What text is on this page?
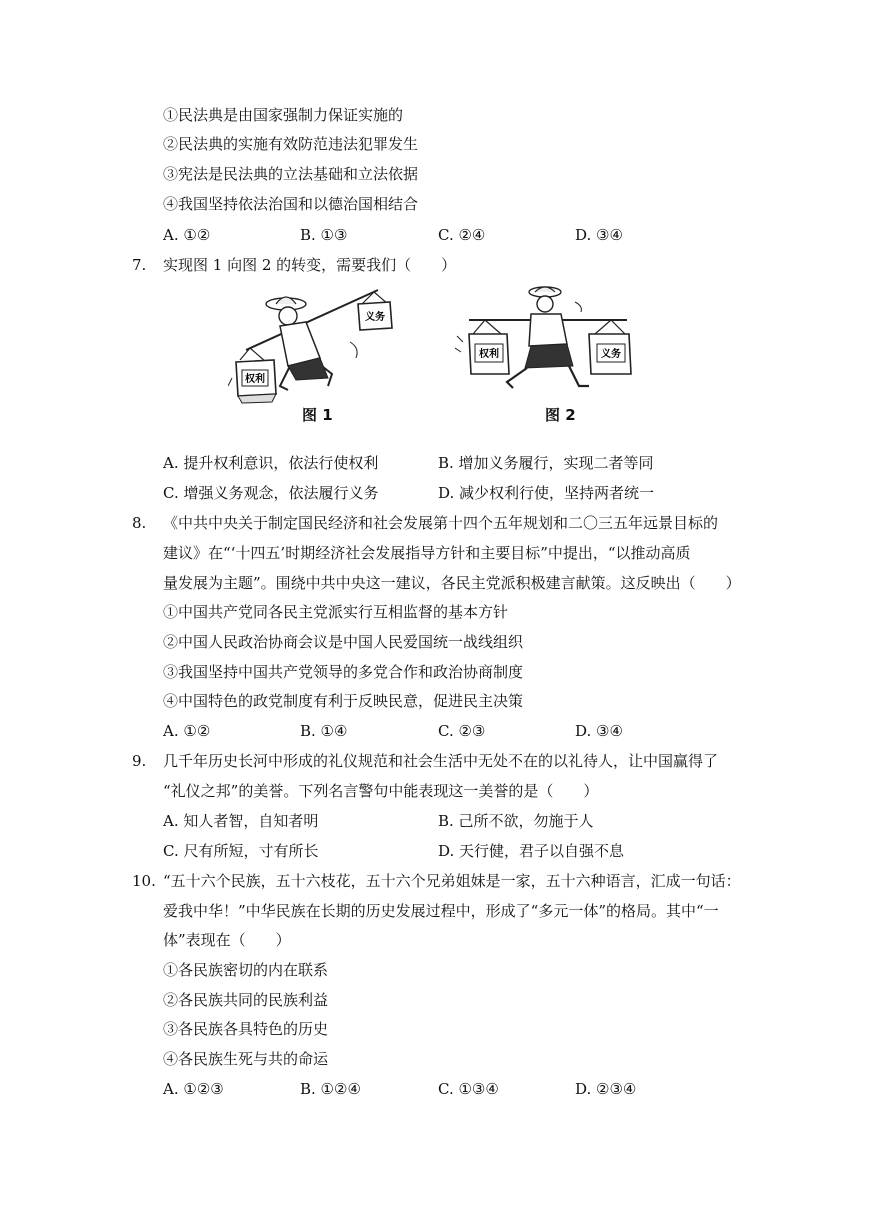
①民法典是由国家强制力保证实施的
②民法典的实施有效防范违法犯罪发生
③宪法是民法典的立法基础和立法依据
④我国坚持依法治国和以德治国相结合
A. ①②	B. ①③	C. ②④	D. ③④
7. 实现图 1 向图 2 的转变，需要我们（　　）
权利
义务
图 1
权利	义务
图 2
A. 提升权利意识，依法行使权利	B. 增加义务履行，实现二者等同
C. 增强义务观念，依法履行义务	D. 减少权利行使，坚持两者统一
8. 《中共中央关于制定国民经济和社会发展第十四个五年规划和二〇三五年远景目标的
建议》在“‘十四五’时期经济社会发展指导方针和主要目标”中提出，“以推动高质
量发展为主题”。围绕中共中央这一建议，各民主党派积极建言献策。这反映出（　　）
①中国共产党同各民主党派实行互相监督的基本方针
②中国人民政治协商会议是中国人民爱国统一战线组织
③我国坚持中国共产党领导的多党合作和政治协商制度
④中国特色的政党制度有利于反映民意，促进民主决策
A. ①②	B. ①④	C. ②③	D. ③④
9. 几千年历史长河中形成的礼仪规范和社会生活中无处不在的以礼待人，让中国赢得了
“礼仪之邦”的美誉。下列名言警句中能表现这一美誉的是（　　）
A. 知人者智，自知者明	B. 己所不欲，勿施于人
C. 尺有所短，寸有所长	D. 天行健，君子以自强不息
10. “五十六个民族，五十六枝花，五十六个兄弟姐妹是一家，五十六种语言，汇成一句话：
爱我中华！”中华民族在长期的历史发展过程中，形成了“多元一体”的格局。其中“一
体”表现在（　　）
①各民族密切的内在联系
②各民族共同的民族利益
③各民族各具特色的历史
④各民族生死与共的命运
A. ①②③	B. ①②④	C. ①③④	D. ②③④
